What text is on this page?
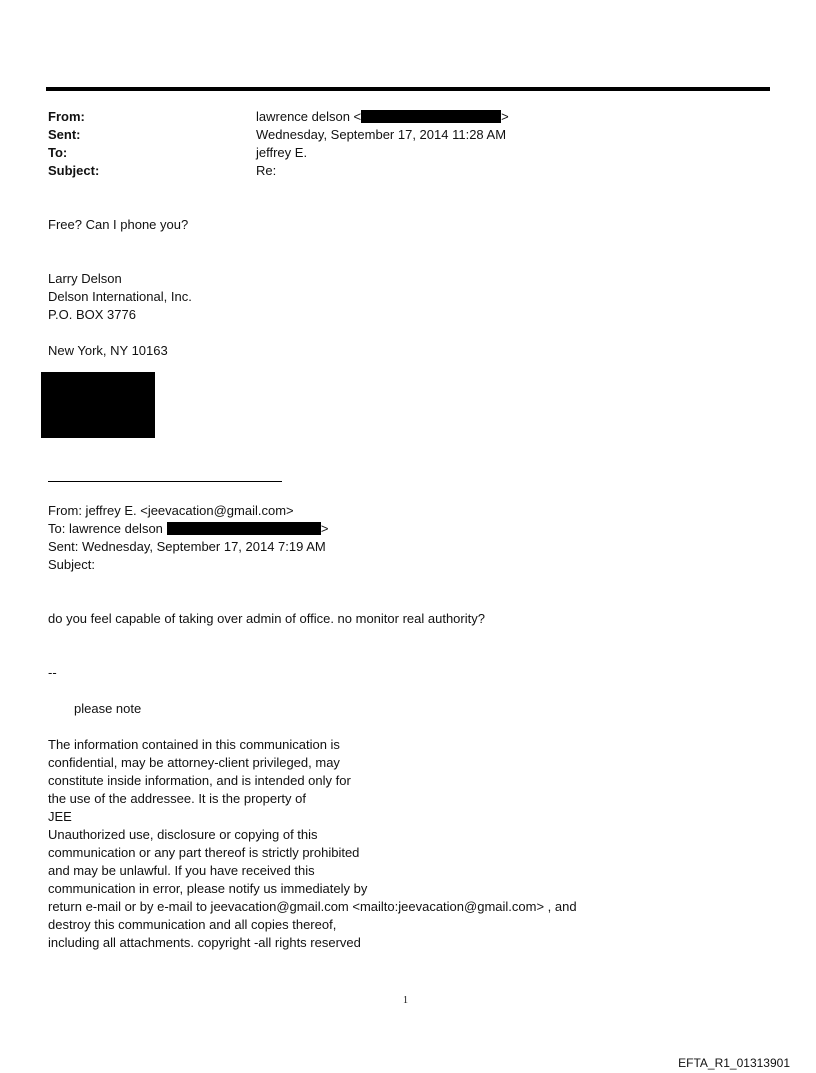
From:	lawrence delson <	>
Sent:	Wednesday, September 17, 2014 11:28 AM
To:	jeffrey E.
Subject:	Re:
Free? Can I phone you?
Larry Delson
Delson International, Inc.
P.O. BOX 3776
New York, NY 10163
From: jeffrey E. <jeevacation@gmail.com>
To: lawrence delson	>
Sent: Wednesday, September 17, 2014 7:19 AM
Subject:
do you feel capable of taking over admin of office. no monitor real authority?
--
please note
The information contained in this communication is
confidential, may be attorney-client privileged, may
constitute inside information, and is intended only for
the use of the addressee. It is the property of
JEE
Unauthorized use, disclosure or copying of this
communication or any part thereof is strictly prohibited
and may be unlawful. If you have received this
communication in error, please notify us immediately by
return e-mail or by e-mail to jeevacation@gmail.com <mailto:jeevacation@gmail.com> , and
destroy this communication and all copies thereof,
including all attachments. copyright -all rights reserved
1
EFTA_R1_01313901
